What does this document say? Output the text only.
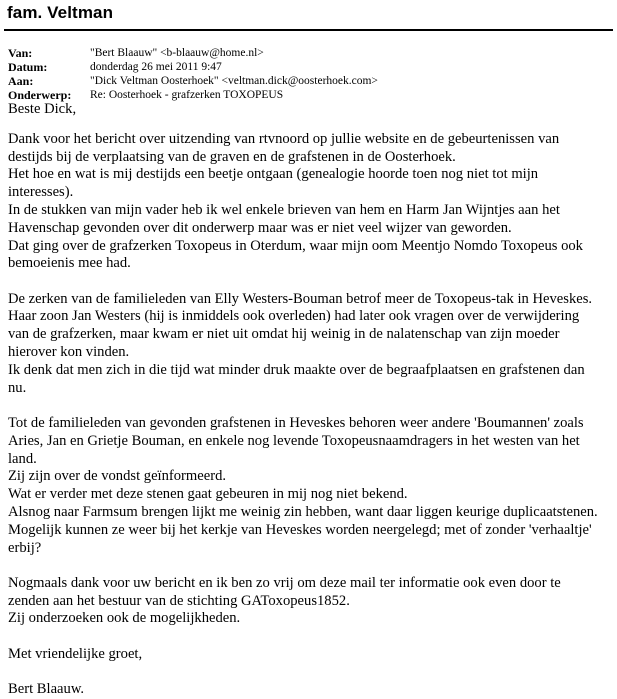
fam. Veltman
Van:	"Bert Blaauw" <b-blaauw@home.nl>
Datum:	donderdag 26 mei 2011 9:47
Aan:	"Dick Veltman Oosterhoek" <veltman.dick@oosterhoek.com>
Onderwerp: Re: Oosterhoek - grafzerken TOXOPEUS
Beste Dick,
Dank voor het bericht over uitzending van rtvnoord op jullie website en de gebeurtenissen van
destijds bij de verplaatsing van de graven en de grafstenen in de Oosterhoek.
Het hoe en wat is mij destijds een beetje ontgaan (genealogie hoorde toen nog niet tot mijn
interesses).
In de stukken van mijn vader heb ik wel enkele brieven van hem en Harm Jan Wijntjes aan het
Havenschap gevonden over dit onderwerp maar was er niet veel wijzer van geworden.
Dat ging over de grafzerken Toxopeus in Oterdum, waar mijn oom Meentjo Nomdo Toxopeus ook
bemoeienis mee had.
De zerken van de familieleden van Elly Westers-Bouman betrof meer de Toxopeus-tak in Heveskes.
Haar zoon Jan Westers (hij is inmiddels ook overleden) had later ook vragen over de verwijdering
van de grafzerken, maar kwam er niet uit omdat hij weinig in de nalatenschap van zijn moeder
hierover kon vinden.
Ik denk dat men zich in die tijd wat minder druk maakte over de begraafplaatsen en grafstenen dan
nu.
Tot de familieleden van gevonden grafstenen in Heveskes behoren weer andere 'Boumannen' zoals
Aries, Jan en Grietje Bouman, en enkele nog levende Toxopeusnaamdragers in het westen van het
land.
Zij zijn over de vondst geïnformeerd.
Wat er verder met deze stenen gaat gebeuren in mij nog niet bekend.
Alsnog naar Farmsum brengen lijkt me weinig zin hebben, want daar liggen keurige duplicaatstenen.
Mogelijk kunnen ze weer bij het kerkje van Heveskes worden neergelegd; met of zonder 'verhaaltje'
erbij?
Nogmaals dank voor uw bericht en ik ben zo vrij om deze mail ter informatie ook even door te
zenden aan het bestuur van de stichting GAToxopeus1852.
Zij onderzoeken ook de mogelijkheden.
Met vriendelijke groet,
Bert Blaauw.
